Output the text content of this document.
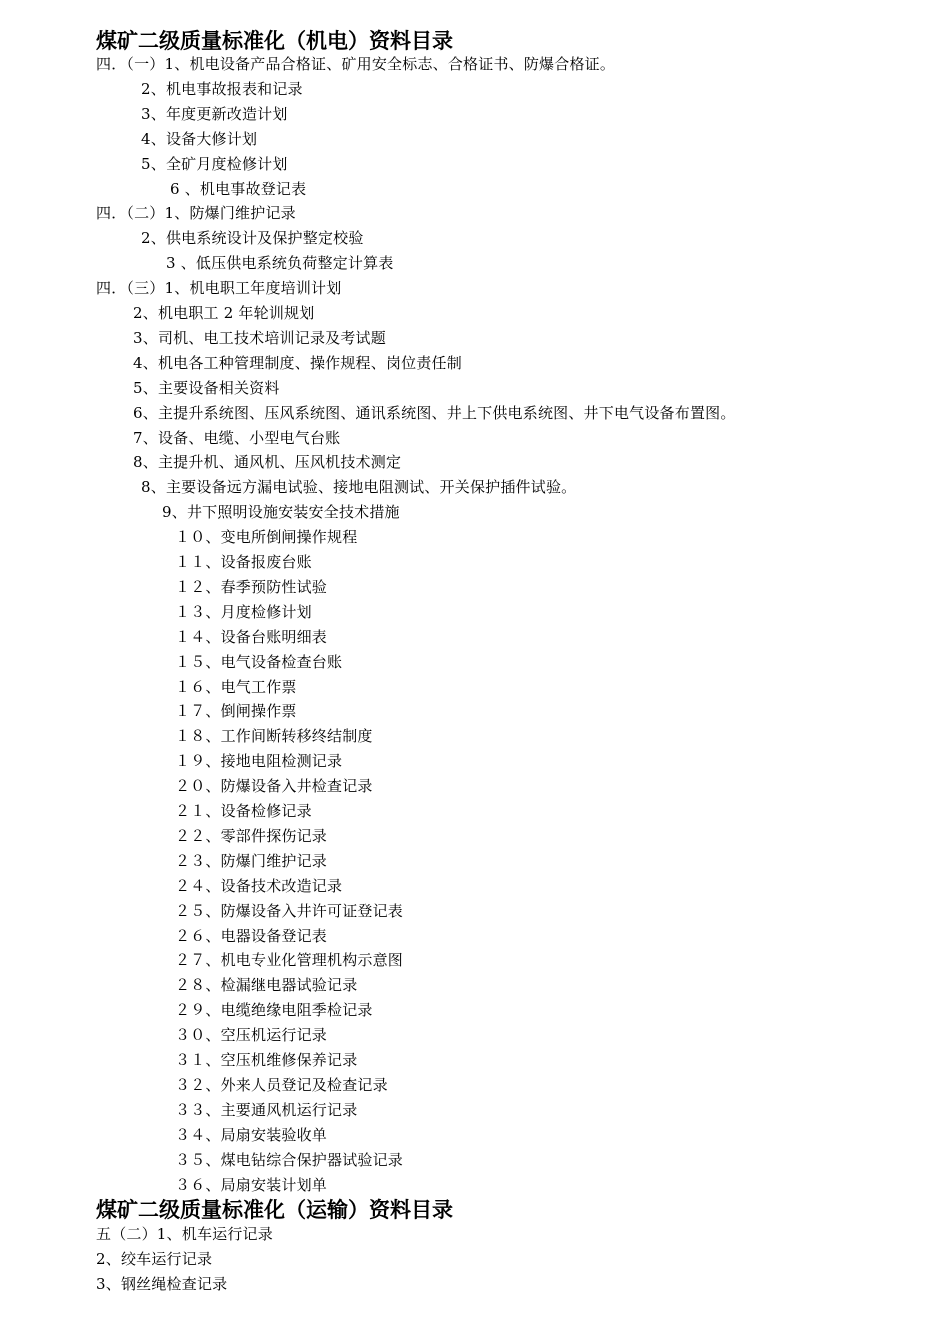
煤矿二级质量标准化（机电）资料目录
四．（一）1、机电设备产品合格证、矿用安全标志、合格证书、防爆合格证。
2、机电事故报表和记录
3、年度更新改造计划
4、设备大修计划
5、全矿月度检修计划
6 、机电事故登记表
四．（二）1、防爆门维护记录
2、供电系统设计及保护整定校验
3 、低压供电系统负荷整定计算表
四．（三）1、机电职工年度培训计划
2、机电职工 2 年轮训规划
3、司机、电工技术培训记录及考试题
4、机电各工种管理制度、操作规程、岗位责任制
5、主要设备相关资料
6、主提升系统图、压风系统图、通讯系统图、井上下供电系统图、井下电气设备布置图。
7、设备、电缆、小型电气台账
8、主提升机、通风机、压风机技术测定
8、主要设备远方漏电试验、接地电阻测试、开关保护插件试验。
9、井下照明设施安装安全技术措施
１０、变电所倒闸操作规程
１１、设备报废台账
１２、春季预防性试验
１３、月度检修计划
１４、设备台账明细表
１５、电气设备检查台账
１６、电气工作票
１７、倒闸操作票
１８、工作间断转移终结制度
１９、接地电阻检测记录
２０、防爆设备入井检查记录
２１、设备检修记录
２２、零部件探伤记录
２３、防爆门维护记录
２４、设备技术改造记录
２５、防爆设备入井许可证登记表
２６、电器设备登记表
２７、机电专业化管理机构示意图
２８、检漏继电器试验记录
２９、电缆绝缘电阻季检记录
３０、空压机运行记录
３１、空压机维修保养记录
３２、外来人员登记及检查记录
３３、主要通风机运行记录
３４、局扇安装验收单
３５、煤电钻综合保护器试验记录
３６、局扇安装计划单
煤矿二级质量标准化（运输）资料目录
五（二）1、机车运行记录
2、绞车运行记录
3、钢丝绳检查记录
